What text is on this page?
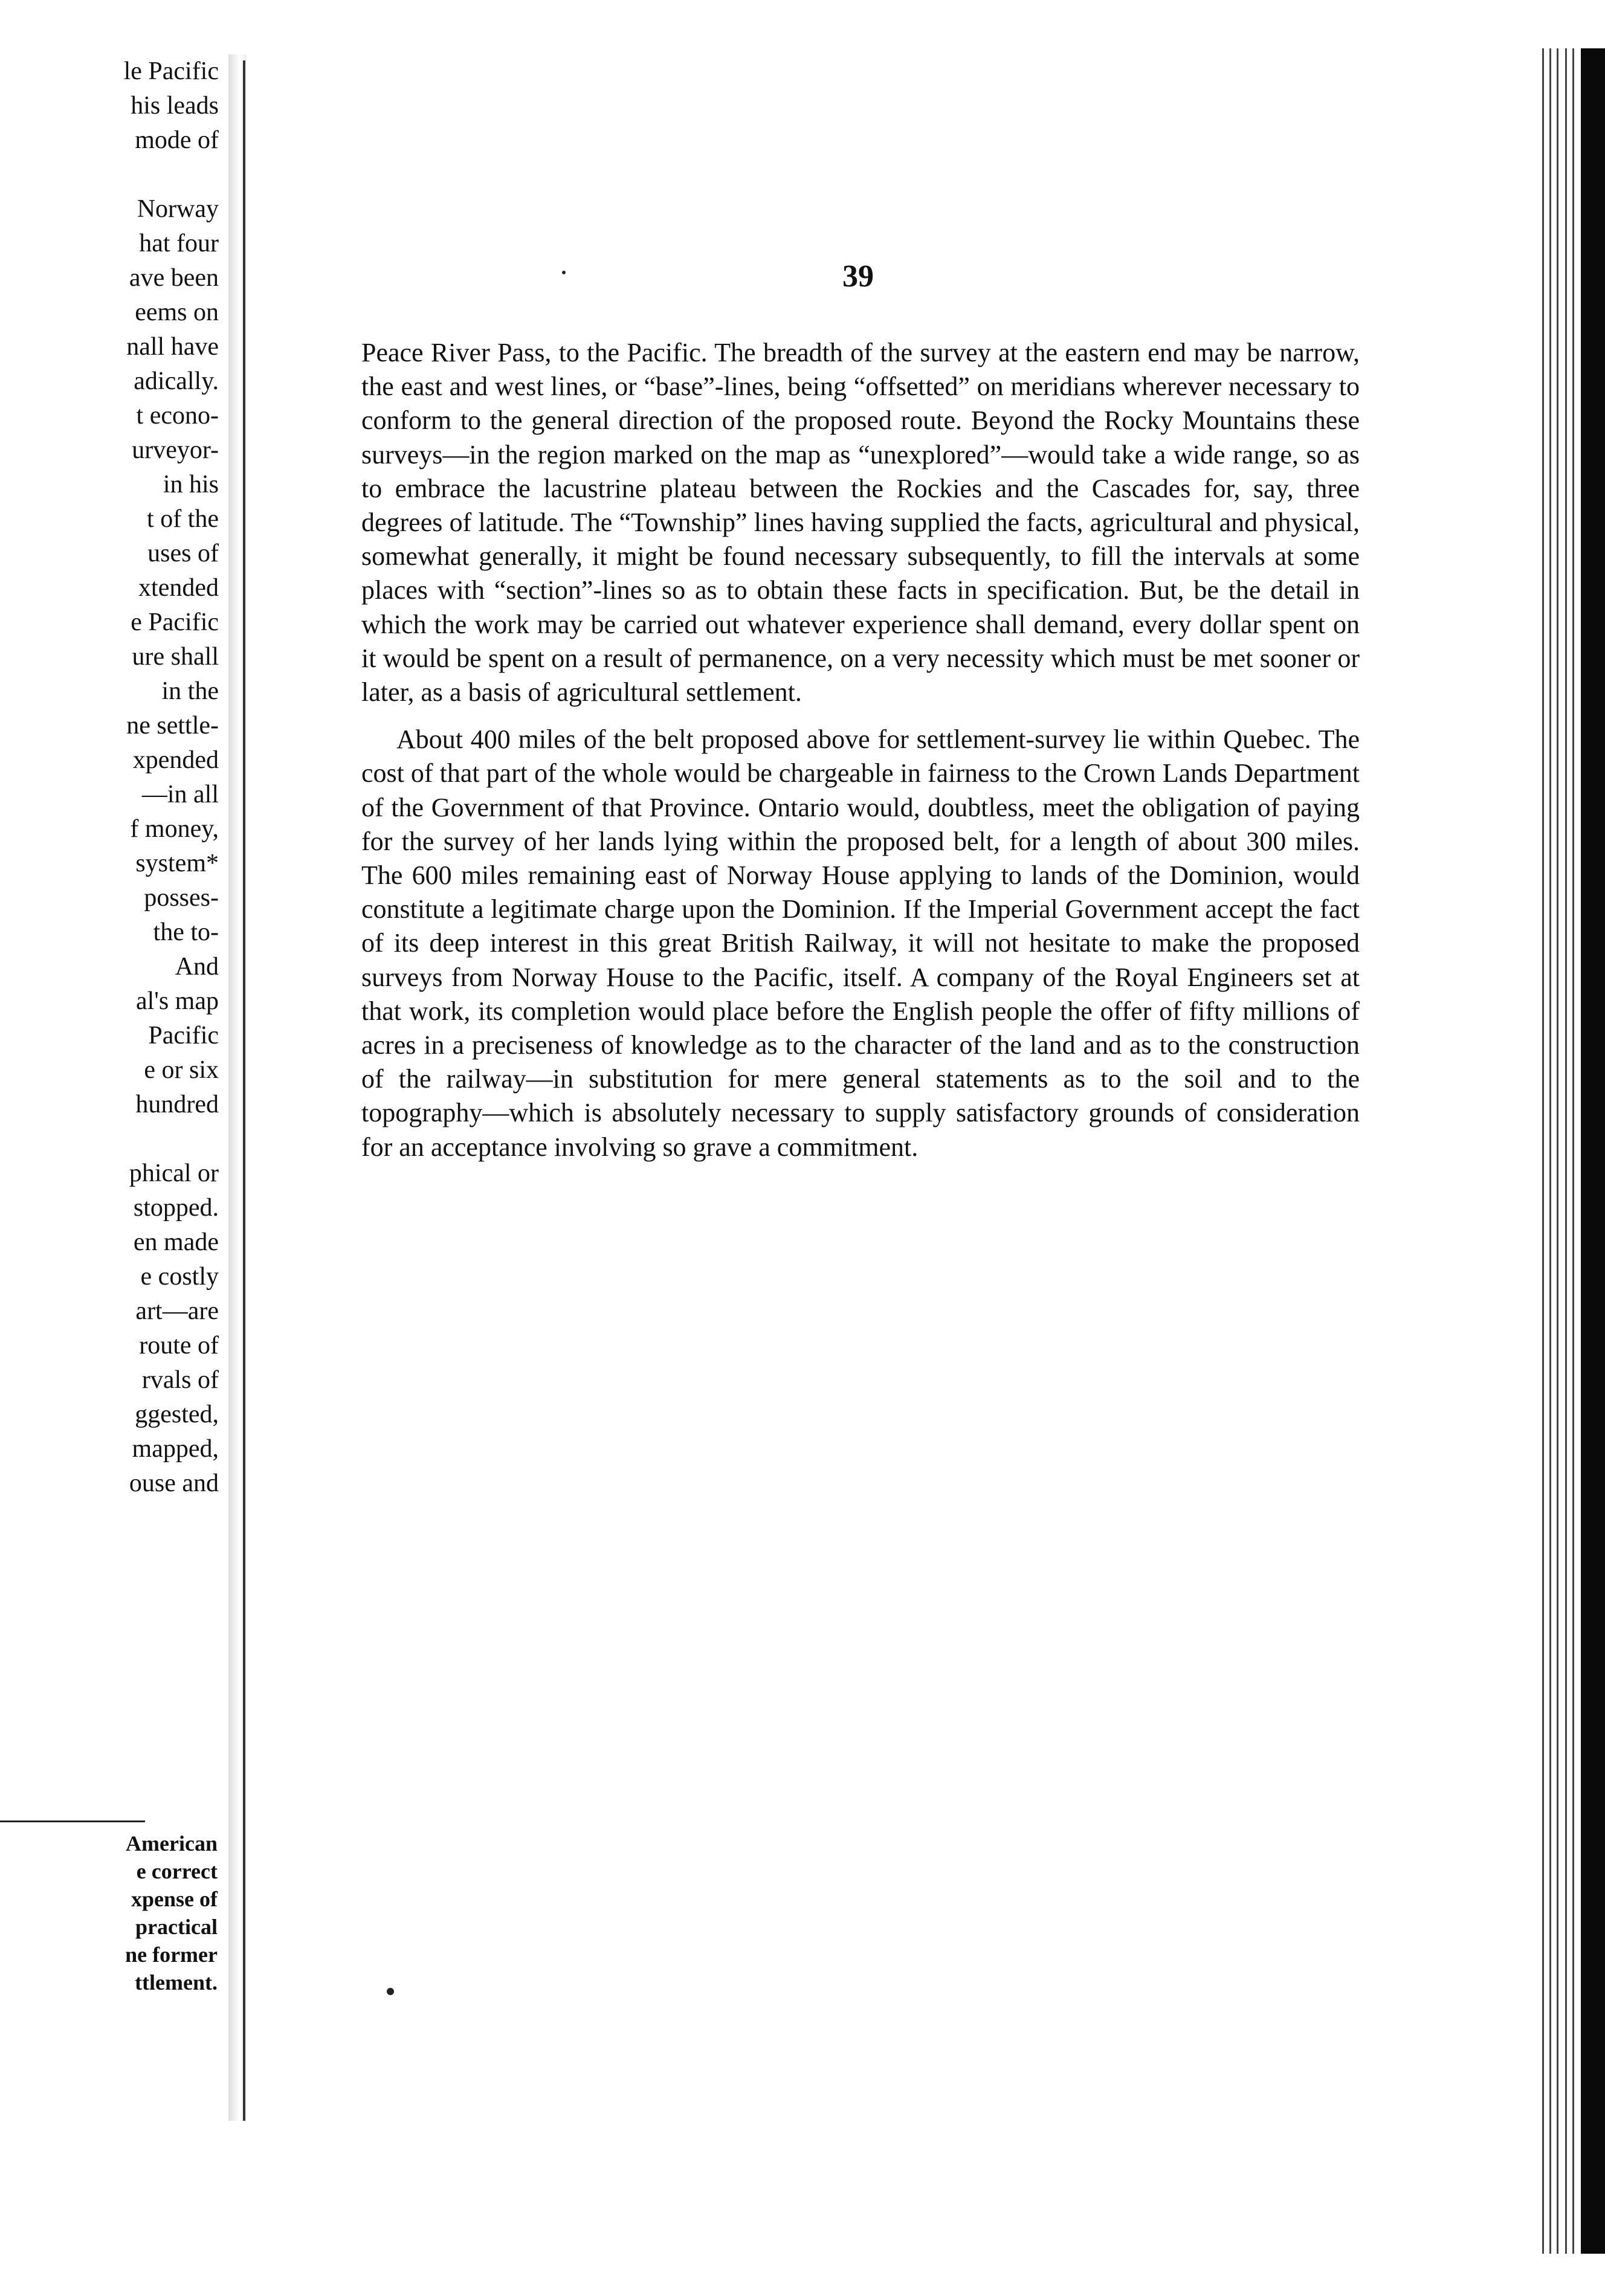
le Pacific
his leads
mode of
Norway
hat four
ave been
eems on
nall have
adically.
t econo-
urveyor-
in his
t of the
uses of
xtended
e Pacific
ure shall
in the
ne settle-
xpended
—in all
f money,
system*
posses-
the to-
And
al's map
Pacific
e or six
hundred
phical or
stopped.
en made
e costly
art—are
route of
rvals of
ggested,
mapped,
ouse and
American
e correct
xpense of
practical
ne former
ttlement.
39

Peace River Pass, to the Pacific. The breadth of the survey at the eastern end may be narrow, the east and west lines, or “base”-lines, being “offsetted” on meridians wherever necessary to conform to the general direction of the proposed route. Beyond the Rocky Mountains these surveys—in the region marked on the map as “unexplored”—would take a wide range, so as to embrace the lacustrine plateau between the Rockies and the Cascades for, say, three degrees of latitude. The “Township” lines having supplied the facts, agricultural and physical, somewhat generally, it might be found necessary subsequently, to fill the intervals at some places with “section”-lines so as to obtain these facts in specification. But, be the detail in which the work may be carried out whatever experience shall demand, every dollar spent on it would be spent on a result of permanence, on a very necessity which must be met sooner or later, as a basis of agricultural settlement.

About 400 miles of the belt proposed above for settlement-survey lie within Quebec. The cost of that part of the whole would be chargeable in fairness to the Crown Lands Department of the Government of that Province. Ontario would, doubtless, meet the obligation of paying for the survey of her lands lying within the proposed belt, for a length of about 300 miles. The 600 miles remaining east of Norway House applying to lands of the Dominion, would constitute a legitimate charge upon the Dominion. If the Imperial Government accept the fact of its deep interest in this great British Railway, it will not hesitate to make the proposed surveys from Norway House to the Pacific, itself. A company of the Royal Engineers set at that work, its completion would place before the English people the offer of fifty millions of acres in a preciseness of knowledge as to the character of the land and as to the construction of the railway—in substitution for mere general statements as to the soil and to the topography—which is absolutely necessary to supply satisfactory grounds of consideration for an acceptance involving so grave a commitment.
